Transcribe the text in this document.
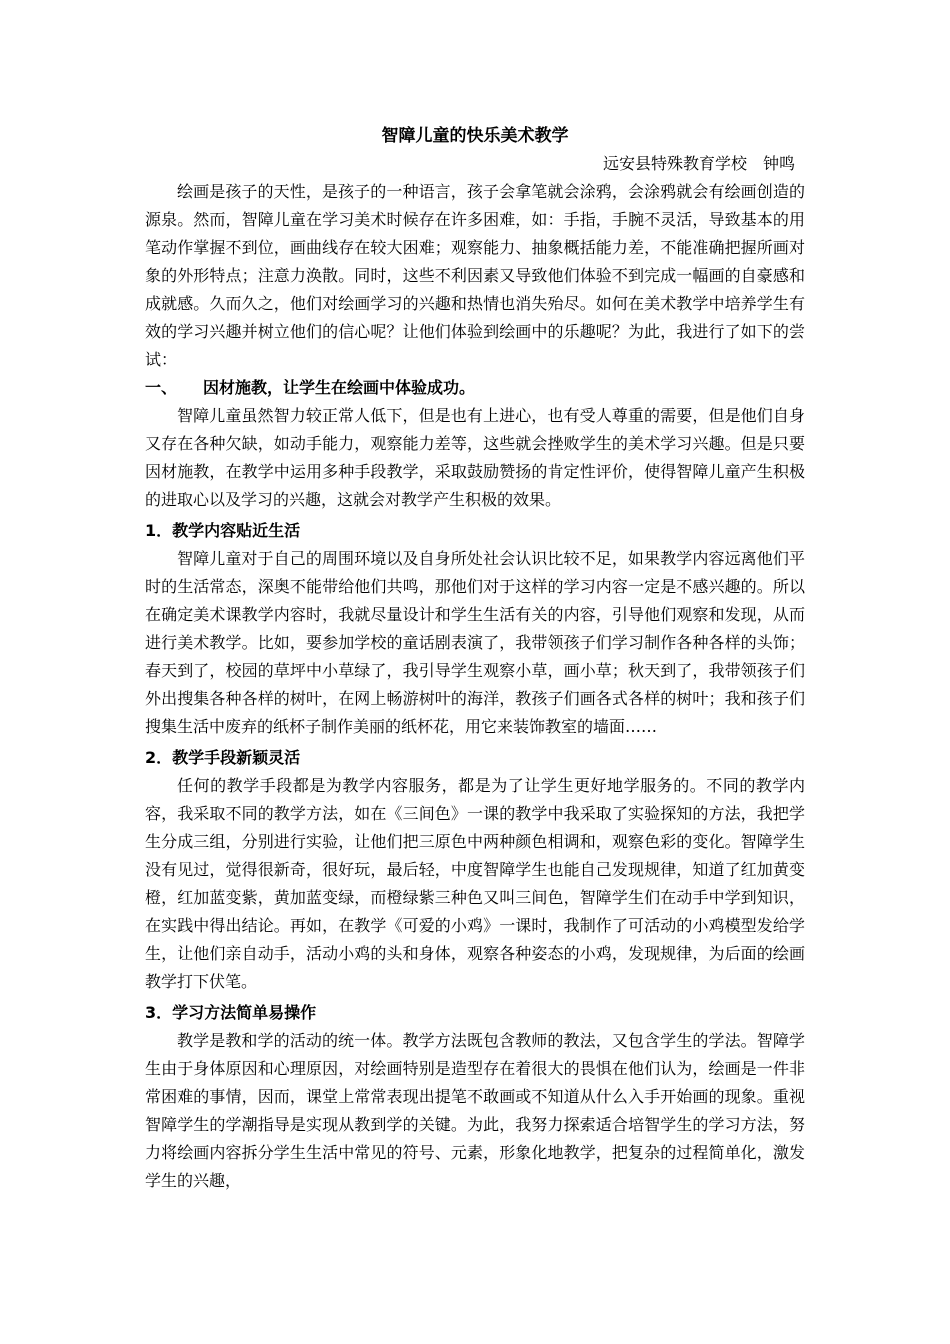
智障儿童的快乐美术教学
远安县特殊教育学校　钟鸣

绘画是孩子的天性，是孩子的一种语言，孩子会拿笔就会涂鸦，会涂鸦就会有绘画创造的源泉。然而，智障儿童在学习美术时候存在许多困难，如：手指，手腕不灵活，导致基本的用笔动作掌握不到位，画曲线存在较大困难；观察能力、抽象概括能力差，不能准确把握所画对象的外形特点；注意力涣散。同时，这些不利因素又导致他们体验不到完成一幅画的自豪感和成就感。久而久之，他们对绘画学习的兴趣和热情也消失殆尽。如何在美术教学中培养学生有效的学习兴趣并树立他们的信心呢？让他们体验到绘画中的乐趣呢？为此，我进行了如下的尝试：

一、 因材施教，让学生在绘画中体验成功。

智障儿童虽然智力较正常人低下，但是也有上进心，也有受人尊重的需要，但是他们自身又存在各种欠缺，如动手能力，观察能力差等，这些就会挫败学生的美术学习兴趣。但是只要因材施教，在教学中运用多种手段教学，采取鼓励赞扬的肯定性评价，使得智障儿童产生积极的进取心以及学习的兴趣，这就会对教学产生积极的效果。

1．教学内容贴近生活

智障儿童对于自己的周围环境以及自身所处社会认识比较不足，如果教学内容远离他们平时的生活常态，深奥不能带给他们共鸣，那他们对于这样的学习内容一定是不感兴趣的。所以在确定美术课教学内容时，我就尽量设计和学生生活有关的内容，引导他们观察和发现，从而进行美术教学。比如，要参加学校的童话剧表演了，我带领孩子们学习制作各种各样的头饰；春天到了，校园的草坪中小草绿了，我引导学生观察小草，画小草；秋天到了，我带领孩子们外出搜集各种各样的树叶，在网上畅游树叶的海洋，教孩子们画各式各样的树叶；我和孩子们搜集生活中废弃的纸杯子制作美丽的纸杯花，用它来装饰教室的墙面……

2．教学手段新颖灵活

任何的教学手段都是为教学内容服务，都是为了让学生更好地学服务的。不同的教学内容，我采取不同的教学方法，如在《三间色》一课的教学中我采取了实验探知的方法，我把学生分成三组，分别进行实验，让他们把三原色中两种颜色相调和，观察色彩的变化。智障学生没有见过，觉得很新奇，很好玩，最后轻，中度智障学生也能自己发现规律，知道了红加黄变橙，红加蓝变紫，黄加蓝变绿，而橙绿紫三种色又叫三间色，智障学生们在动手中学到知识，在实践中得出结论。再如，在教学《可爱的小鸡》一课时，我制作了可活动的小鸡模型发给学生，让他们亲自动手，活动小鸡的头和身体，观察各种姿态的小鸡，发现规律，为后面的绘画教学打下伏笔。

3．学习方法简单易操作

教学是教和学的活动的统一体。教学方法既包含教师的教法，又包含学生的学法。智障学生由于身体原因和心理原因，对绘画特别是造型存在着很大的畏惧在他们认为，绘画是一件非常困难的事情，因而，课堂上常常表现出提笔不敢画或不知道从什么入手开始画的现象。重视智障学生的学潮指导是实现从教到学的关键。为此，我努力探索适合培智学生的学习方法，努力将绘画内容拆分学生生活中常见的符号、元素，形象化地教学，把复杂的过程简单化，激发学生的兴趣，
